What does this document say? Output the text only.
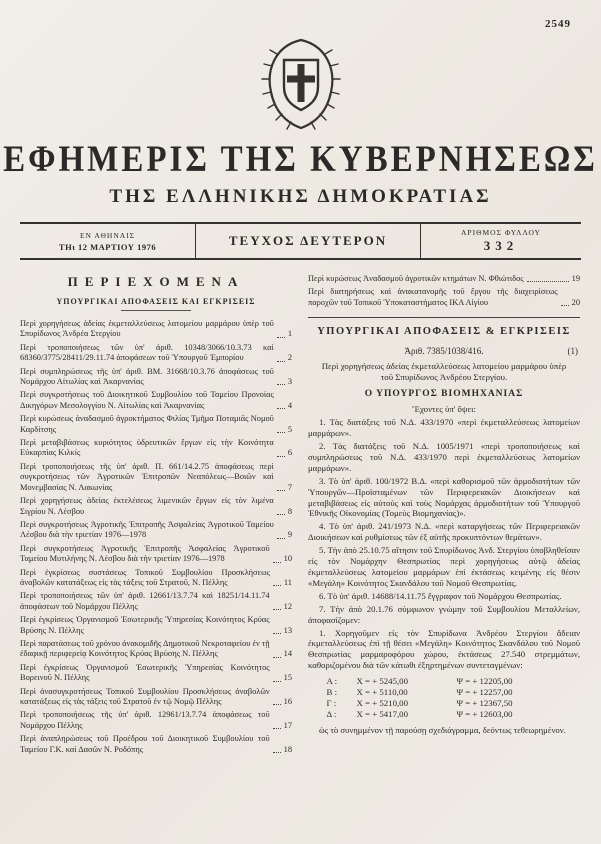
2549
ΕΦΗΜΕΡΙΣ ΤΗΣ ΚΥΒΕΡΝΗΣΕΩΣ
ΤΗΣ ΕΛΛΗΝΙΚΗΣ ΔΗΜΟΚΡΑΤΙΑΣ
ΕΝ ΑΘΗΝΑΙΣ
ΤΗι 12 ΜΑΡΤΙΟΥ 1976	ΤΕΥΧΟΣ ΔΕΥΤΕΡΟΝ
ΑΡΙΘΜΟΣ ΦΥΛΛΟΥ
332
ΠΕΡΙΕΧΟΜΕΝΑ
ΥΠΟΥΡΓΙΚΑΙ ΑΠΟΦΑΣΕΙΣ ΚΑΙ ΕΓΚΡΙΣΕΙΣ
Περὶ χορηγήσεως ἀδείας ἐκμεταλλεύσεως λατομείου μαρμάρου ὑπὲρ τοῦ Σπυρίδωνος Ἀνδρέα Στεργίου	1
Περὶ τροποποιήσεως τῶν ὑπ' ἀριθ. 10348/3066/10.3.73 καὶ 68360/3775/28411/29.11.74 ἀποφάσεων τοῦ Ὑπουργοῦ Ἐμπορίου	2
Περὶ συμπληρώσεως τῆς ὑπ' ἀριθ. ΒΜ. 31668/10.3.76 ἀποφάσεως τοῦ Νομάρχου Αἰτωλίας καὶ Ἀκαρνανίας	3
Περὶ συγκροτήσεως τοῦ Διοικητικοῦ Συμβουλίου τοῦ Ταμείου Προνοίας Δικηγόρων Μεσολογγίου Ν. Αἰτωλίας καὶ Ἀκαρνανίας	4
Περὶ κυρώσεως ἀναδασμοῦ ἀγροκτήματος Φιλίας Τμῆμα Ποταμιᾶς Νομοῦ Καρδίτσης	5
Περὶ μεταβιβάσεως κυριότητος ὑδρευτικῶν ἔργων εἰς τὴν Κοινότητα Εὐκαρπίας Κιλκίς	6
Περὶ τροποποιήσεως τῆς ὑπ' ἀριθ. Π. 661/14.2.75 ἀποφάσεως περὶ συγκροτήσεως τῶν Ἀγροτικῶν Ἐπιτροπῶν Νεαπόλεως—Βοιῶν καὶ Μονεμβασίας Ν. Λακωνίας	7
Περὶ χορηγήσεως ἀδείας ἐκτελέσεως λιμενικῶν ἔργων εἰς τὸν λιμένα Σιγρίου Ν. Λέσβου	8
Περὶ συγκροτήσεως Ἀγροτικῆς Ἐπιτροπῆς Ἀσφαλείας Ἀγροτικοῦ Ταμείου Λέσβου διὰ τὴν τριετίαν 1976—1978	9
Περὶ συγκροτήσεως Ἀγροτικῆς Ἐπιτροπῆς Ἀσφαλείας Ἀγροτικοῦ Ταμείου Μυτιλήνης Ν. Λέσβου διὰ τὴν τριετίαν 1976—1978	10
Περὶ ἐγκρίσεως συστάσεως Τοπικοῦ Συμβουλίου Προσκλήσεως ἀναβολῶν κατατάξεως εἰς τὰς τάξεις τοῦ Στρατοῦ, Ν. Πέλλης	11
Περὶ τροποποιήσεως τῶν ὑπ' ἀριθ. 12661/13.7.74 καὶ 18251/14.11.74 ἀποφάσεων τοῦ Νομάρχου Πέλλης	12
Περὶ ἐγκρίσεως Ὀργανισμοῦ Ἐσωτερικῆς Ὑπηρεσίας Κοινότητος Κρύας Βρύσης Ν. Πέλλης	13
Περὶ παρατάσεως τοῦ χρόνου ἀνακομιδῆς Δημοτικοῦ Νεκροταφείου ἐν τῇ ἐδαφικῇ περιφερείᾳ Κοινότητος Κρύας Βρύσης Ν. Πέλλης	14
Περὶ ἐγκρίσεως Ὀργανισμοῦ Ἐσωτερικῆς Ὑπηρεσίας Κοινότητος Βορεινοῦ Ν. Πέλλης	15
Περὶ ἀνασυγκροτήσεως Τοπικοῦ Συμβουλίου Προσκλήσεως ἀναβολῶν κατατάξεως εἰς τὰς τάξεις τοῦ Στρατοῦ ἐν τῷ Νομῷ Πέλλης	16
Περὶ τροποποιήσεως τῆς ὑπ' ἀριθ. 12961/13.7.74 ἀποφάσεως τοῦ Νομάρχου Πέλλης	17
Περὶ ἀναπληρώσεως τοῦ Προέδρου τοῦ Διοικητικοῦ Συμβουλίου τοῦ Ταμείου Γ.Κ. καὶ Δασῶν Ν. Ροδόπης	18
Περὶ κυρώσεως Ἀναδασμοῦ ἀγροτικῶν κτημάτων Ν. Φθιώτιδος	19
Περὶ διατηρήσεως καὶ ἀνακατανομῆς τοῦ ἔργου τῆς διαχειρίσεως παροχῶν τοῦ Τοπικοῦ Ὑποκαταστήματος ΙΚΑ Αἰγίου	20
ΥΠΟΥΡΓΙΚΑΙ ΑΠΟΦΑΣΕΙΣ & ΕΓΚΡΙΣΕΙΣ
Ἀριθ. 7385/1038/416.	(1)
Περὶ χορηγήσεως ἀδείας ἐκμεταλλεύσεως λατομείου μαρμάρου ὑπὲρ τοῦ Σπυρίδωνος Ἀνδρέου Στεργίου.
Ο ΥΠΟΥΡΓΟΣ ΒΙΟΜΗΧΑΝΙΑΣ
Ἔχοντες ὑπ' ὄψει:

1. Τὰς διατάξεις τοῦ Ν.Δ. 433/1970 «περὶ ἐκμεταλλεύσεως λατομείων μαρμάρων».

2. Τὰς διατάξεις τοῦ Ν.Δ. 1005/1971 «περὶ τροποποιήσεως καὶ συμπληρώσεως τοῦ Ν.Δ. 433/1970 περὶ ἐκμεταλλεύσεως λατομείων μαρμάρων».

3. Τὸ ὑπ' ἀριθ. 100/1972 Β.Δ. «περὶ καθορισμοῦ τῶν ἁρμοδιοτήτων τῶν Ὑπουργῶν—Προϊσταμένων τῶν Περιφερειακῶν Διοικήσεων καὶ μεταβιβάσεως εἰς αὐτοὺς καὶ τοὺς Νομάρχας ἁρμοδιοτήτων τοῦ Ὑπουργοῦ Ἐθνικῆς Οἰκονομίας (Τομεὺς Βιομηχανίας)».

4. Τὸ ὑπ' ἀριθ. 241/1973 Ν.Δ. «περὶ καταργήσεως τῶν Περιφερειακῶν Διοικήσεων καὶ ρυθμίσεως τῶν ἐξ αὐτῆς προκυπτόντων θεμάτων».

5. Τὴν ἀπὸ 25.10.75 αἴτησιν τοῦ Σπυρίδωνος Ἀνδ. Στεργίου ὑποβληθεῖσαν εἰς τὸν Νομάρχην Θεσπρωτίας περὶ χορηγήσεως αὐτῷ ἀδείας ἐκμεταλλεύσεως λατομείου μαρμάρων ἐπὶ ἐκτάσεως κειμένης εἰς θέσιν «Μεγάλη» Κοινότητος Σκανδάλου τοῦ Νομοῦ Θεσπρωτίας.

6. Τὸ ὑπ' ἀριθ. 14688/14.11.75 ἔγγραφον τοῦ Νομάρχου Θεσπρωτίας.

7. Τὴν ἀπὸ 20.1.76 σύμφωνον γνώμην τοῦ Συμβουλίου Μεταλλείων, ἀποφασίζομεν:

1. Χορηγοῦμεν εἰς τὸν Σπυρίδωνα Ἀνδρέου Στεργίου ἄδειαν ἐκμεταλλεύσεως ἐπὶ τῇ θέσει «Μεγάλη» Κοινότητος Σκανδάλου τοῦ Νομοῦ Θεσπρωτίας μαρμαροφόρου χώρου, ἐκτάσεως 27.540 στρεμμάτων, καθοριζομένου διὰ τῶν κάτωθι ἐξηρτημένων συντεταγμένων:

Α :	Χ = + 5245,00	Ψ = + 12205,00
Β :	Χ = + 5110,00	Ψ = + 12257,00
Γ :	Χ = + 5210,00	Ψ = + 12367,50
Δ :	Χ = + 5417,00	Ψ = + 12603,00

ὡς τὸ συνημμένον τῇ παρούσῃ σχεδιάγραμμα, δεόντως τεθεωρημένον.
